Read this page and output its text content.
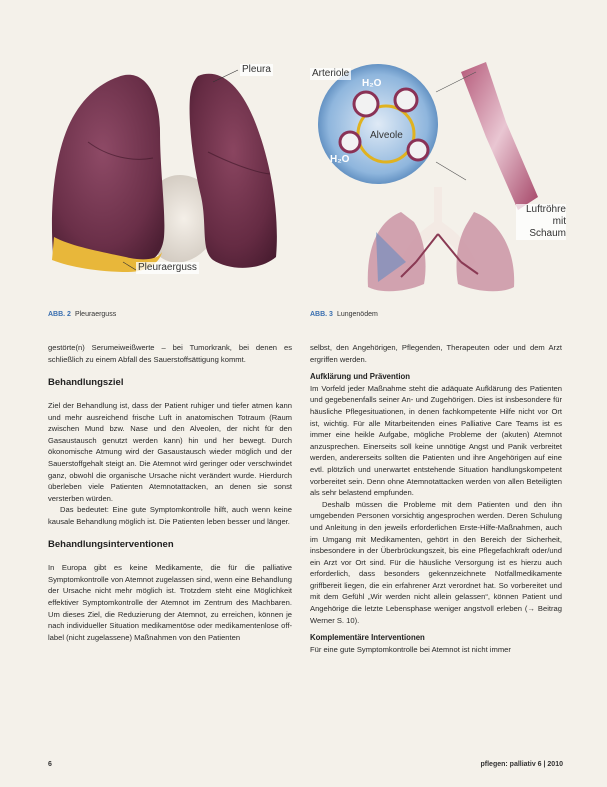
Pleura
Pleuraerguss
Arteriole
H₂O
Alveole
H₂O
Luftröhre
mit Schaum
ABB. 2 Pleuraerguss	ABB. 3 Lungenödem

gestörte(n) Serumeiweißwerte – bei Tumorkrank, bei denen es schließlich zu einem Abfall des Sauerstoffsättigung kommt.

Behandlungsziel

Ziel der Behandlung ist, dass der Patient ruhiger und tiefer atmen kann und mehr ausreichend frische Luft in anatomischen Totraum (Raum zwischen Mund bzw. Nase und den Alveolen, der nicht für den Gasaustausch genutzt werden kann) hin und her bewegt. Durch ökonomische Atmung wird der Gasaustausch wieder möglich und der Sauerstoffgehalt steigt an. Die Atemnot wird geringer oder verschwindet ganz, obwohl die organische Ursache nicht verändert wurde. Hierdurch überleben viele Patienten Atemnotattacken, an denen sie sonst versterben würden.

Das bedeutet: Eine gute Symptomkontrolle hilft, auch wenn keine kausale Behandlung möglich ist. Die Patienten leben besser und länger.

Behandlungsinterventionen

In Europa gibt es keine Medikamente, die für die palliative Symptomkontrolle von Atemnot zugelassen sind, wenn eine Behandlung der Ursache nicht mehr möglich ist. Trotzdem steht eine Möglichkeit effektiver Symptomkontrolle der Atemnot im Zentrum des Machbaren. Um dieses Ziel, die Reduzierung der Atemnot, zu erreichen, können je nach individueller Situation medikamentöse oder medikamentenlose off-label (nicht zugelassene) Maßnahmen von den Patienten

selbst, den Angehörigen, Pflegenden, Therapeuten oder und dem Arzt ergriffen werden.

Aufklärung und Prävention

Im Vorfeld jeder Maßnahme steht die adäquate Aufklärung des Patienten und gegebenenfalls seiner An- und Zugehörigen. Dies ist insbesondere für häusliche Pflegesituationen, in denen fachkompetente Hilfe nicht vor Ort ist, wichtig. Für alle Mitarbeitenden eines Palliative Care Teams ist es immer eine heikle Aufgabe, mögliche Probleme der (akuten) Atemnot anzusprechen. Einerseits soll keine unnötige Angst und Panik verbreitet werden, andererseits sollten die Patienten und ihre Angehörigen auf eine evtl. plötzlich und unerwartet entstehende Situation handlungskompetent vorbereitet sein. Denn ohne Atemnotattacken werden von allen Beteiligten als sehr belastend empfunden.

Deshalb müssen die Probleme mit dem Patienten und den ihn umgebenden Personen vorsichtig angesprochen werden. Deren Schulung und Anleitung in den jeweils erforderlichen Erste-Hilfe-Maßnahmen, auch im Umgang mit Medikamenten, gehört in den Bereich der Sicherheit, insbesondere in der Überbrückungszeit, bis eine Pflegefachkraft oder/und ein Arzt vor Ort sind. Für die häusliche Versorgung ist es hierzu auch erforderlich, dass besonders gekennzeichnete Notfallmedikamente griffbereit liegen, die ein erfahrener Arzt verordnet hat. So vorbereitet und mit dem Gefühl „Wir werden nicht allein gelassen“, können Patient und Angehörige die letzte Lebensphase weniger angstvoll erleben (→ Beitrag Werner S. 10).

Komplementäre Interventionen

Für eine gute Symptomkontrolle bei Atemnot ist nicht immer

6	pflegen: palliativ 6 | 2010
